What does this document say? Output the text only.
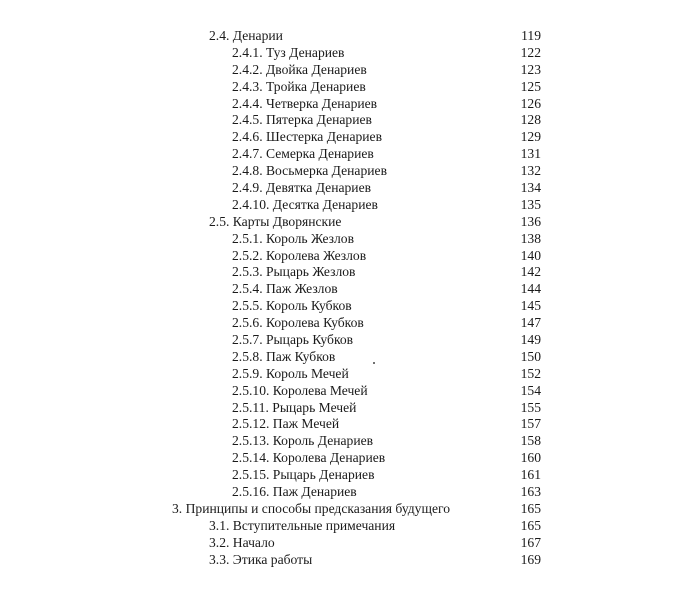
2.4. Денарии	119
2.4.1. Туз Денариев	122
2.4.2. Двойка Денариев	123
2.4.3. Тройка Денариев	125
2.4.4. Четверка Денариев	126
2.4.5. Пятерка Денариев	128
2.4.6. Шестерка Денариев	129
2.4.7. Семерка Денариев	131
2.4.8. Восьмерка Денариев	132
2.4.9. Девятка Денариев	134
2.4.10. Десятка Денариев	135
2.5. Карты Дворянские	136
2.5.1. Король Жезлов	138
2.5.2. Королева Жезлов	140
2.5.3. Рыцарь Жезлов	142
2.5.4. Паж Жезлов	144
2.5.5. Король Кубков	145
2.5.6. Королева Кубков	147
2.5.7. Рыцарь Кубков	149
2.5.8. Паж Кубков	150
2.5.9. Король Мечей	152
2.5.10. Королева Мечей	154
2.5.11. Рыцарь Мечей	155
2.5.12. Паж Мечей	157
2.5.13. Король Денариев	158
2.5.14. Королева Денариев	160
2.5.15. Рыцарь Денариев	161
2.5.16. Паж Денариев	163
3. Принципы и способы предсказания будущего	165
3.1. Вступительные примечания	165
3.2. Начало	167
3.3. Этика работы	169
